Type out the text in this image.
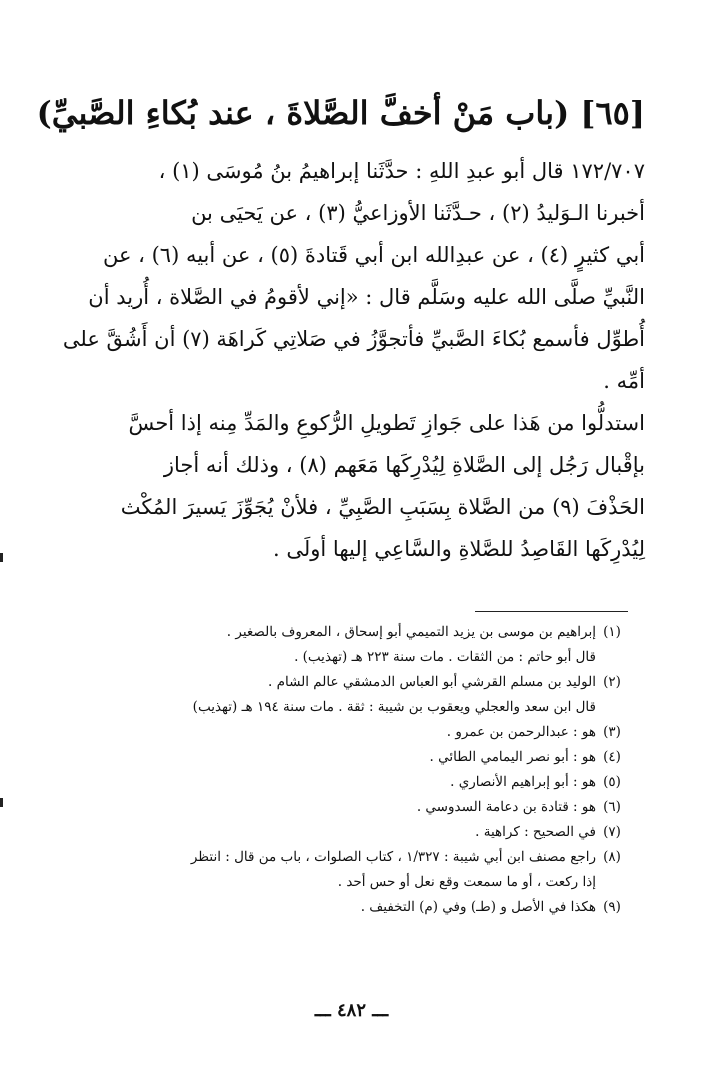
[٦٥] (باب مَنْ أخفَّ الصَّلاةَ ، عند بُكاءِ الصَّبيِّ)
١٧٢/٧٠٧ قال أبو عبدِ اللهِ : حدَّثَنا إبراهيمُ بنُ مُوسَى (١) ،
أخبرنا الـوَليدُ (٢) ، حـدَّثَنا الأوزاعيُّ (٣) ، عن يَحيَى بن
أبي كثيرٍ (٤) ، عن عبدِالله ابن أبي قَتادةَ (٥) ، عن أبيه (٦) ، عن
النَّبيِّ صلَّى الله عليه وسَلَّم قال : «إني لأقومُ في الصَّلاة ، أُريد أن
أُطوِّل فأسمع بُكاءَ الصَّبيِّ فأتجوَّزُ في صَلاتِي كَراهَة (٧) أن أَشُقَّ على
أمِّه .
استدلُّوا من هَذا على جَوازِ تَطويلِ الرُّكوعِ والمَدِّ مِنه إذا أحسَّ
بإقْبال رَجُل إلى الصَّلاةِ لِيُدْرِكَها مَعَهم (٨) ، وذلك أنه أجاز
الحَذْفَ (٩) من الصَّلاة بِسَبَبِ الصَّبِيِّ ، فلأنْ يُجَوِّزَ يَسيرَ المُكْث
لِيُدْرِكَها القَاصِدُ للصَّلاةِ والسَّاعِي إليها أولَى .
(١)
إبراهيم بن موسى بن يزيد التميمي أبو إسحاق ، المعروف بالصغير .
قال أبو حاتم : من الثقات . مات سنة ٢٢٣ هـ (تهذيب) .
(٢)
الوليد بن مسلم القرشي أبو العباس الدمشقي عالم الشام .
قال ابن سعد والعجلي ويعقوب بن شيبة : ثقة . مات سنة ١٩٤ هـ (تهذيب)
(٣)
هو : عبدالرحمن بن عمرو .
(٤)
هو : أبو نصر اليمامي الطائي .
(٥)
هو : أبو إبراهيم الأنصاري .
(٦)
هو : قتادة بن دعامة السدوسي .
(٧)
في الصحيح : كراهية .
(٨)
راجع مصنف ابن أبي شيبة : ١/٣٢٧ ، كتاب الصلوات ، باب من قال : انتظر
إذا ركعت ، أو ما سمعت وقع نعل أو حس أحد .
(٩)
هكذا في الأصل و (طـ) وفي (م) التخفيف .
ـــ ٤٨٢ ـــ
